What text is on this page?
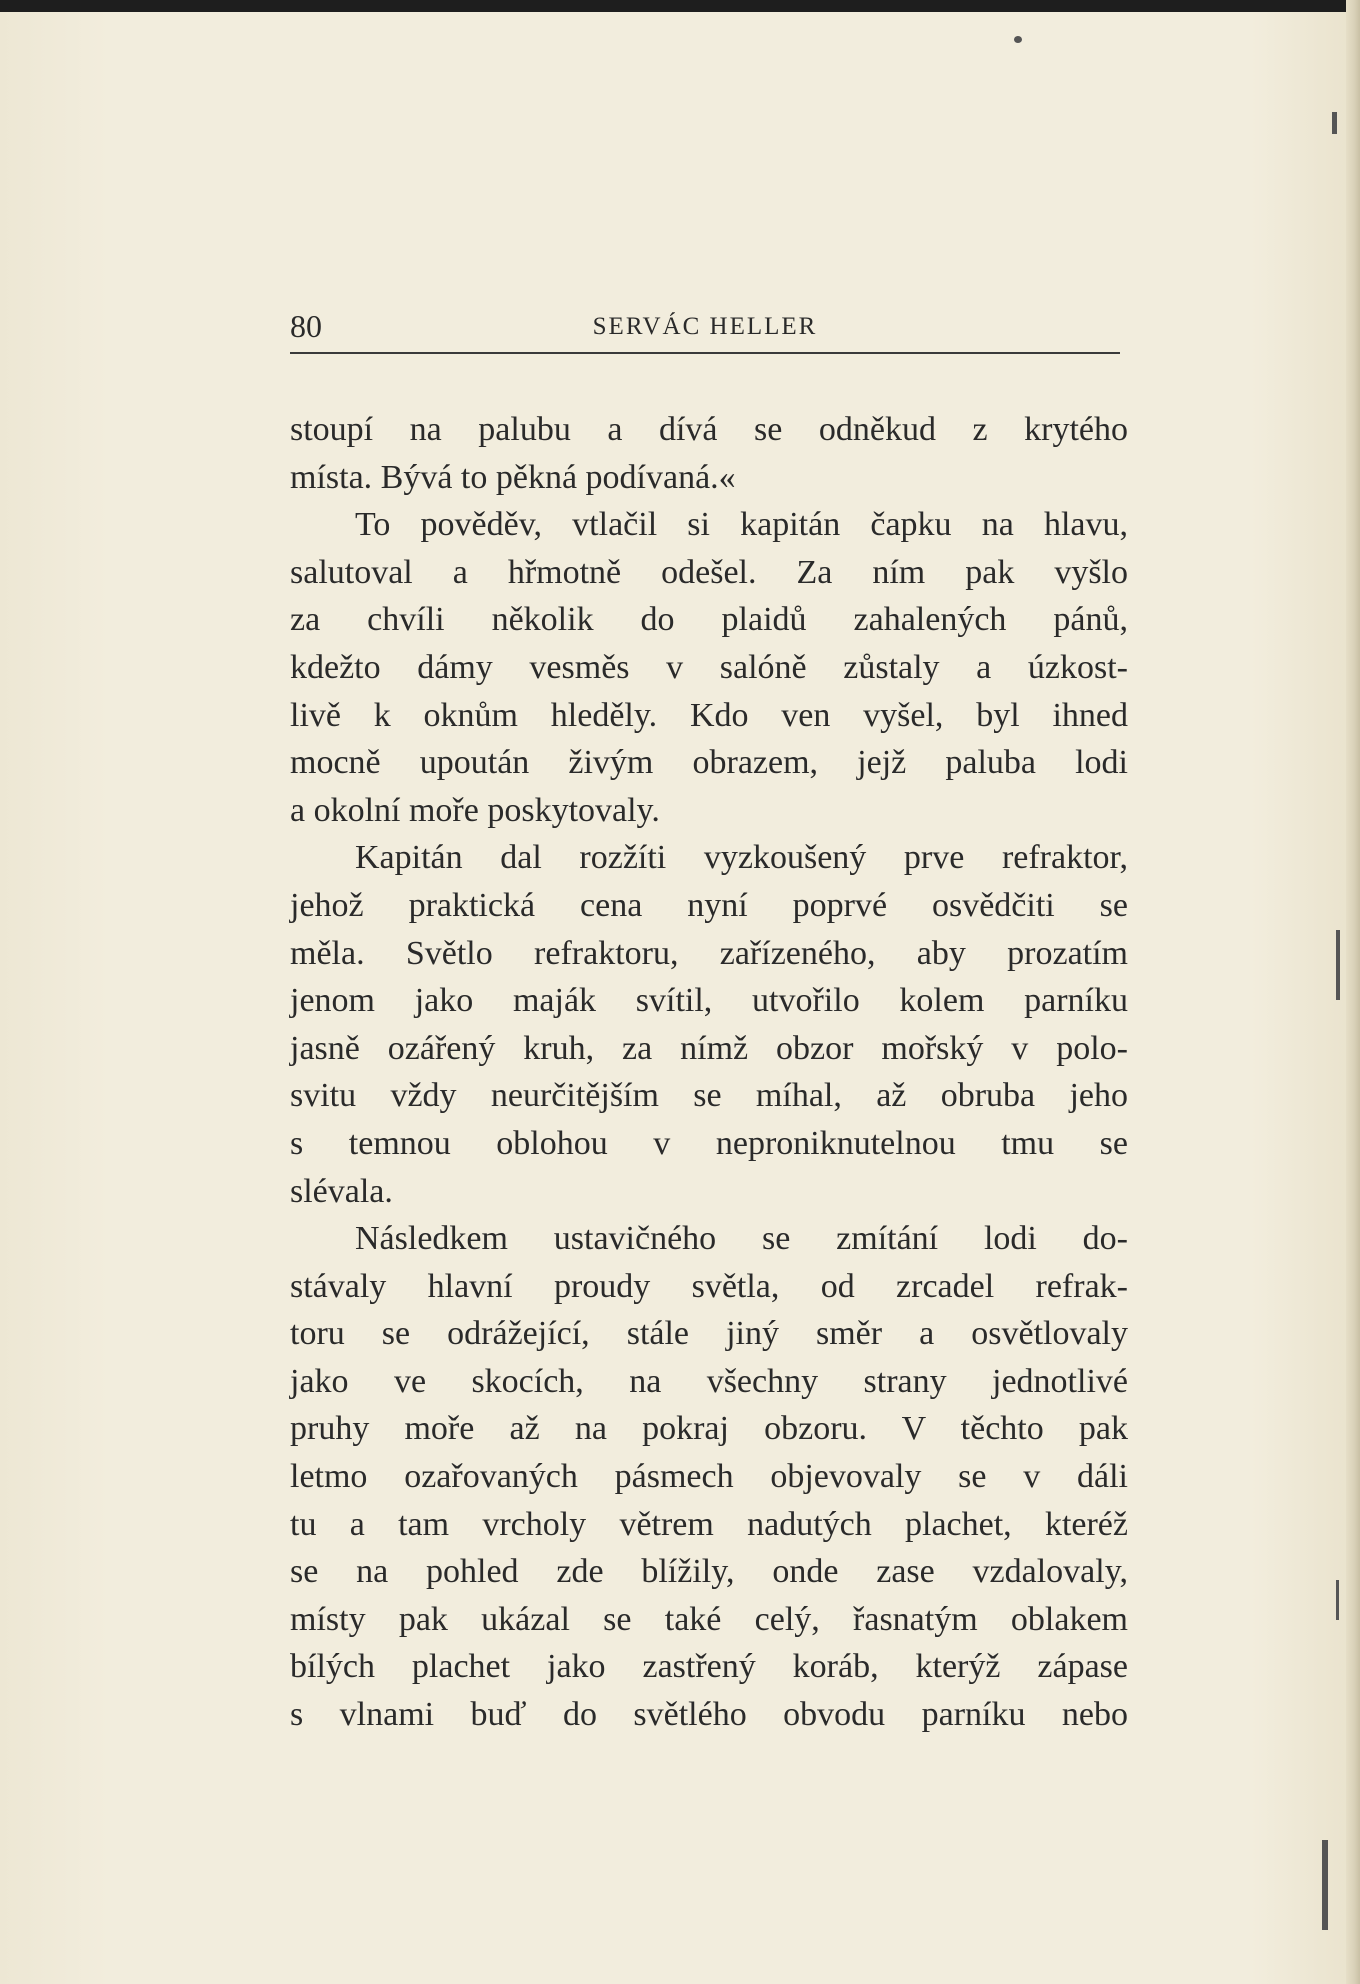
80	SERVÁC HELLER
stoupí na palubu a dívá se odněkud z krytého
místa. Bývá to pěkná podívaná.«
To pověděv, vtlačil si kapitán čapku na hlavu,
salutoval a hřmotně odešel. Za ním pak vyšlo
za chvíli několik do plaidů zahalených pánů,
kdežto dámy vesměs v salóně zůstaly a úzkost-
livě k oknům hleděly. Kdo ven vyšel, byl ihned
mocně upoután živým obrazem, jejž paluba lodi
a okolní moře poskytovaly.
Kapitán dal rozžíti vyzkoušený prve refraktor,
jehož praktická cena nyní poprvé osvědčiti se
měla. Světlo refraktoru, zařízeného, aby prozatím
jenom jako maják svítil, utvořilo kolem parníku
jasně ozářený kruh, za nímž obzor mořský v polo-
svitu vždy neurčitějším se míhal, až obruba jeho
s temnou oblohou v neproniknutelnou tmu se
slévala.
Následkem ustavičného se zmítání lodi do-
stávaly hlavní proudy světla, od zrcadel refrak-
toru se odrážející, stále jiný směr a osvětlovaly
jako ve skocích, na všechny strany jednotlivé
pruhy moře až na pokraj obzoru. V těchto pak
letmo ozařovaných pásmech objevovaly se v dáli
tu a tam vrcholy větrem nadutých plachet, kteréž
se na pohled zde blížily, onde zase vzdalovaly,
místy pak ukázal se také celý, řasnatým oblakem
bílých plachet jako zastřený koráb, kterýž zápase
s vlnami buď do světlého obvodu parníku nebo
